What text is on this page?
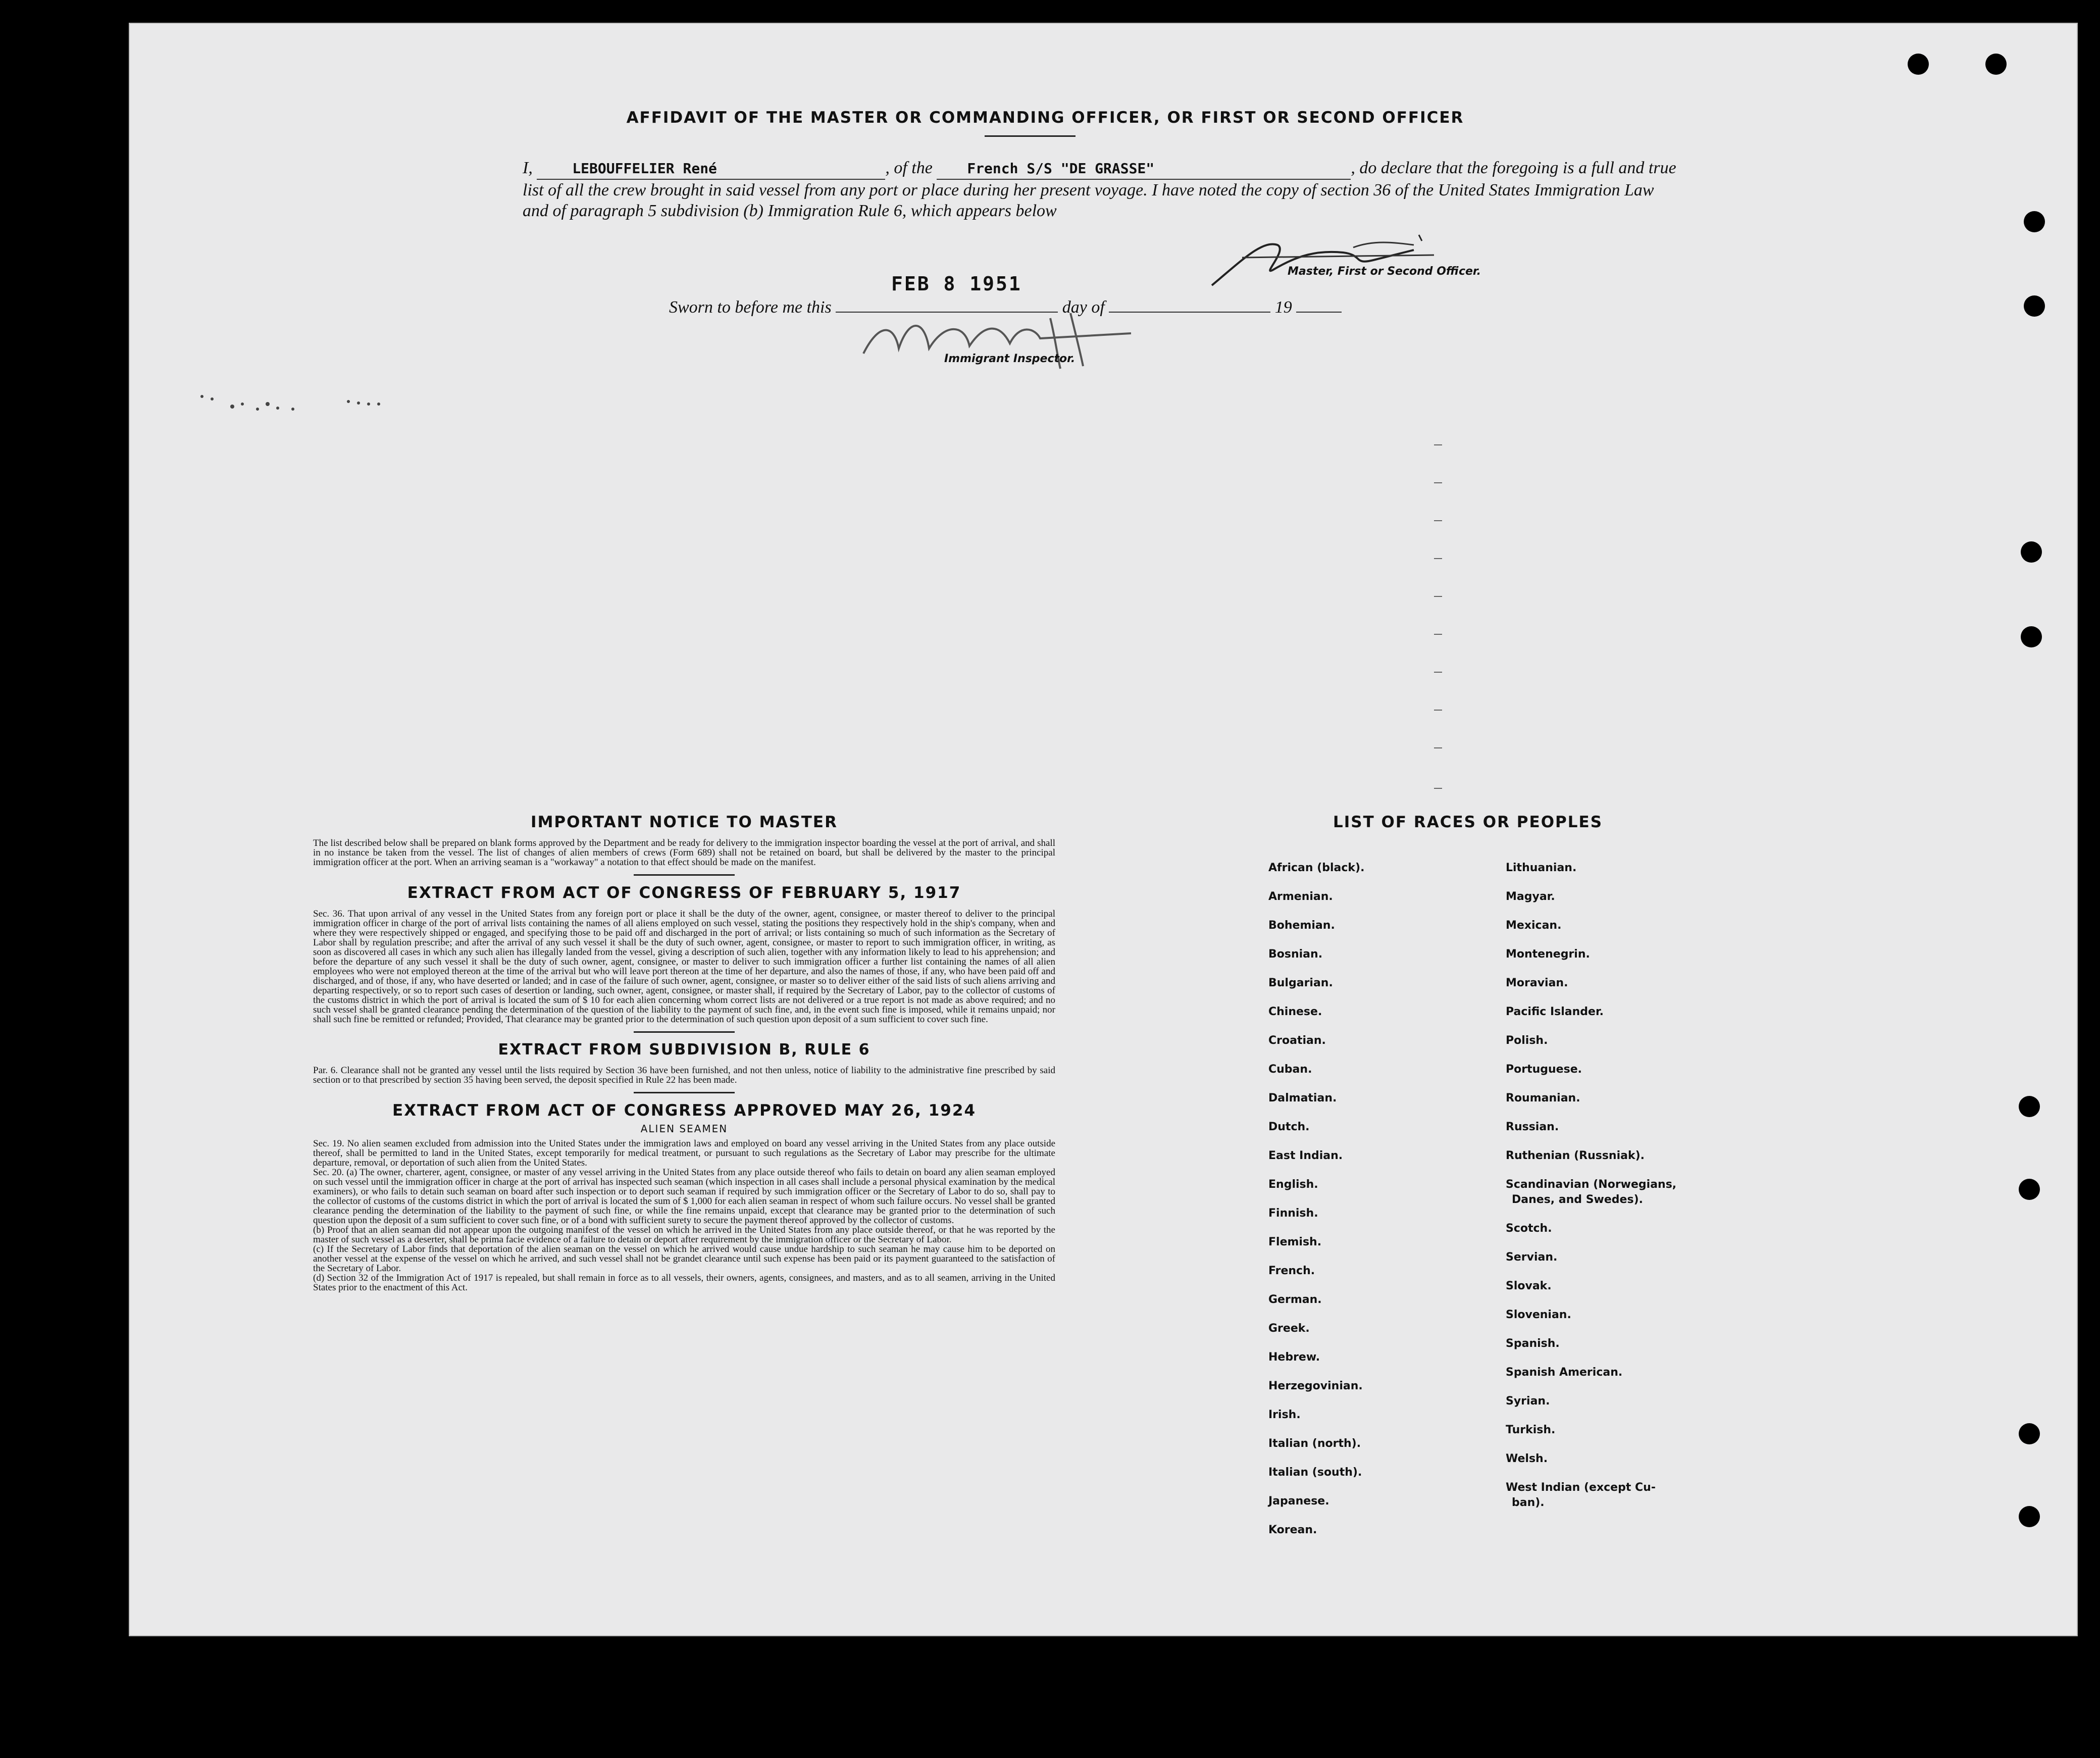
AFFIDAVIT OF THE MASTER OR COMMANDING OFFICER, OR FIRST OR SECOND OFFICER
I,	LEBOUFFELIER René	, of the French S/S "DE GRASSE"	, do declare that the foregoing is a full and true list of all the crew brought in said vessel from any port or place during her present voyage. I have noted the copy of section 36 of the United States Immigration Law and of paragraph 5 subdivision (b) Immigration Rule 6, which appears below
Master, First or Second Officer.
FEB 8 1951
Sworn to before me this	day of	19
Immigrant Inspector.

IMPORTANT NOTICE TO MASTER

The list described below shall be prepared on blank forms approved by the Department and be ready for delivery to the immigration inspector boarding the vessel at the port of arrival, and shall in no instance be taken from the vessel. The list of changes of alien members of crews (Form 689) shall not be retained on board, but shall be delivered by the master to the principal immigration officer at the port. When an arriving seaman is a "workaway" a notation to that effect should be made on the manifest.

EXTRACT FROM ACT OF CONGRESS OF FEBRUARY 5, 1917

Sec. 36. That upon arrival of any vessel in the United States from any foreign port or place it shall be the duty of the owner, agent, consignee, or master thereof to deliver to the principal immigration officer in charge of the port of arrival lists containing the names of all aliens employed on such vessel, stating the positions they respectively hold in the ship's company, when and where they were respectively shipped or engaged, and specifying those to be paid off and discharged in the port of arrival; or lists containing so much of such information as the Secretary of Labor shall by regulation prescribe; and after the arrival of any such vessel it shall be the duty of such owner, agent, consignee, or master to report to such immigration officer, in writing, as soon as discovered all cases in which any such alien has illegally landed from the vessel, giving a description of such alien, together with any information likely to lead to his apprehension; and before the departure of any such vessel it shall be the duty of such owner, agent, consignee, or master to deliver to such immigration officer a further list containing the names of all alien employees who were not employed thereon at the time of the arrival but who will leave port thereon at the time of her departure, and also the names of those, if any, who have been paid off and discharged, and of those, if any, who have deserted or landed; and in case of the failure of such owner, agent, consignee, or master so to deliver either of the said lists of such aliens arriving and departing respectively, or so to report such cases of desertion or landing, such owner, agent, consignee, or master shall, if required by the Secretary of Labor, pay to the collector of customs of the customs district in which the port of arrival is located the sum of $ 10 for each alien concerning whom correct lists are not delivered or a true report is not made as above required; and no such vessel shall be granted clearance pending the determination of the question of the liability to the payment of such fine, and, in the event such fine is imposed, while it remains unpaid; nor shall such fine be remitted or refunded; Provided, That clearance may be granted prior to the determination of such question upon deposit of a sum sufficient to cover such fine.

EXTRACT FROM SUBDIVISION B, RULE 6

Par. 6. Clearance shall not be granted any vessel until the lists required by Section 36 have been furnished, and not then unless, notice of liability to the administrative fine prescribed by said section or to that prescribed by section 35 having been served, the deposit specified in Rule 22 has been made.

EXTRACT FROM ACT OF CONGRESS APPROVED MAY 26, 1924

ALIEN SEAMEN

Sec. 19. No alien seamen excluded from admission into the United States under the immigration laws and employed on board any vessel arriving in the United States from any place outside thereof, shall be permitted to land in the United States, except temporarily for medical treatment, or pursuant to such regulations as the Secretary of Labor may prescribe for the ultimate departure, removal, or deportation of such alien from the United States.

Sec. 20. (a) The owner, charterer, agent, consignee, or master of any vessel arriving in the United States from any place outside thereof who fails to detain on board any alien seaman employed on such vessel until the immigration officer in charge at the port of arrival has inspected such seaman (which inspection in all cases shall include a personal physical examination by the medical examiners), or who fails to detain such seaman on board after such inspection or to deport such seaman if required by such immigration officer or the Secretary of Labor to do so, shall pay to the collector of customs of the customs district in which the port of arrival is located the sum of $ 1,000 for each alien seaman in respect of whom such failure occurs. No vessel shall be granted clearance pending the determination of the liability to the payment of such fine, or while the fine remains unpaid, except that clearance may be granted prior to the determination of such question upon the deposit of a sum sufficient to cover such fine, or of a bond with sufficient surety to secure the payment thereof approved by the collector of customs.

(b) Proof that an alien seaman did not appear upon the outgoing manifest of the vessel on which he arrived in the United States from any place outside thereof, or that he was reported by the master of such vessel as a deserter, shall be prima facie evidence of a failure to detain or deport after requirement by the immigration officer or the Secretary of Labor.

(c) If the Secretary of Labor finds that deportation of the alien seaman on the vessel on which he arrived would cause undue hardship to such seaman he may cause him to be deported on another vessel at the expense of the vessel on which he arrived, and such vessel shall not be grandet clearance until such expense has been paid or its payment guaranteed to the satisfaction of the Secretary of Labor.

(d) Section 32 of the Immigration Act of 1917 is repealed, but shall remain in force as to all vessels, their owners, agents, consignees, and masters, and as to all seamen, arriving in the United States prior to the enactment of this Act.

LIST OF RACES OR PEOPLES
African (black).
Armenian.
Bohemian.
Bosnian.
Bulgarian.
Chinese.
Croatian.
Cuban.
Dalmatian.
Dutch.
East Indian.
English.
Finnish.
Flemish.
French.
German.
Greek.
Hebrew.
Herzegovinian.
Irish.
Italian (north).
Italian (south).
Japanese.
Korean.
Lithuanian.
Magyar.
Mexican.
Montenegrin.
Moravian.
Pacific Islander.
Polish.
Portuguese.
Roumanian.
Russian.
Ruthenian (Russniak).
Scandinavian (Norwegians,
Danes, and Swedes).
Scotch.
Servian.
Slovak.
Slovenian.
Spanish.
Spanish American.
Syrian.
Turkish.
Welsh.
West Indian (except Cu-
ban).
